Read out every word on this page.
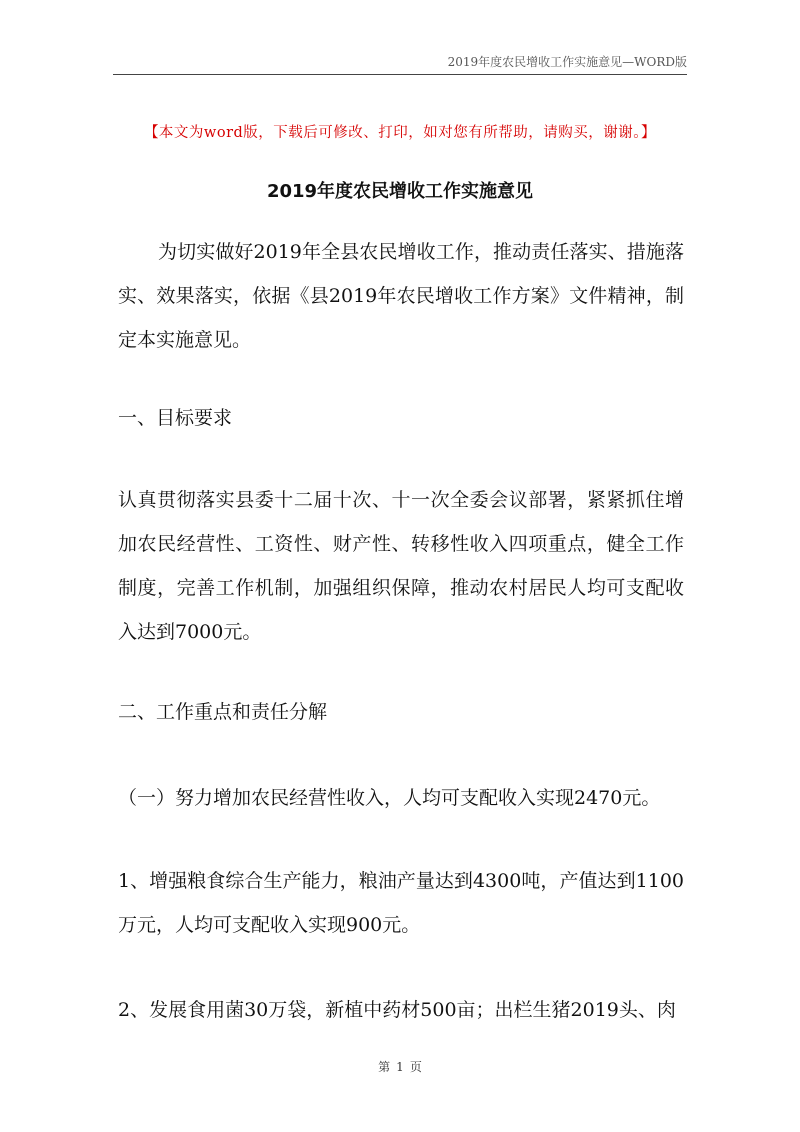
2019年度农民增收工作实施意见—WORD版
【本文为word版，下载后可修改、打印，如对您有所帮助，请购买，谢谢。】
2019年度农民增收工作实施意见

为切实做好2019年全县农民增收工作，推动责任落实、措施落实、效果落实，依据《县2019年农民增收工作方案》文件精神，制定本实施意见。

一、目标要求

认真贯彻落实县委十二届十次、十一次全委会议部署，紧紧抓住增加农民经营性、工资性、财产性、转移性收入四项重点，健全工作制度，完善工作机制，加强组织保障，推动农村居民人均可支配收入达到7000元。

二、工作重点和责任分解

（一）努力增加农民经营性收入，人均可支配收入实现2470元。

1、增强粮食综合生产能力，粮油产量达到4300吨，产值达到1100万元，人均可支配收入实现900元。

2、发展食用菌30万袋，新植中药材500亩；出栏生猪2019头、肉

第 1 页
